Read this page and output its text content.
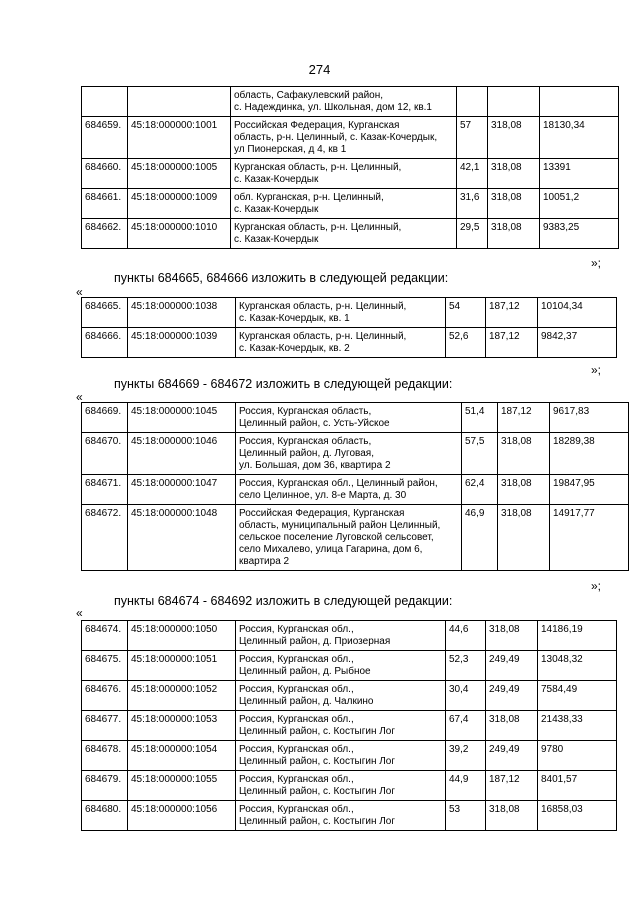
274

		область, Сафакулевский район,
с. Надеждинка, ул. Школьная, дом 12, кв.1			

684659.	45:18:000000:1001	Российская Федерация, Курганская
область, р-н. Целинный, с. Казак-Кочердык,
ул Пионерская, д 4, кв 1	57	318,08	18130,34
684660.	45:18:000000:1005	Курганская область, р-н. Целинный,
с. Казак-Кочердык	42,1	318,08	13391
684661.	45:18:000000:1009	обл. Курганская, р-н. Целинный,
с. Казак-Кочердык	31,6	318,08	10051,2
684662.	45:18:000000:1010	Курганская область, р-н. Целинный,
с. Казак-Кочердык	29,5	318,08	9383,25
»;
пункты 684665, 684666 изложить в следующей редакции:
«
684665.	45:18:000000:1038	Курганская область, р-н. Целинный,
с. Казак-Кочердык, кв. 1	54	187,12	10104,34
684666.	45:18:000000:1039	Курганская область, р-н. Целинный,
с. Казак-Кочердык, кв. 2	52,6	187,12	9842,37
»;
пункты 684669 - 684672 изложить в следующей редакции:
«
684669.	45:18:000000:1045	Россия, Курганская область,
Целинный район, с. Усть-Уйское	51,4	187,12	9617,83
684670.	45:18:000000:1046	Россия, Курганская область,
Целинный район, д. Луговая,
ул. Большая, дом 36, квартира 2	57,5	318,08	18289,38
684671.	45:18:000000:1047	Россия, Курганская обл., Целинный район,
село Целинное, ул. 8-е Марта, д. 30	62,4	318,08	19847,95
684672.	45:18:000000:1048	Российская Федерация, Курганская
область, муниципальный район Целинный,
сельское поселение Луговской сельсовет,
село Михалево, улица Гагарина, дом 6,
квартира 2	46,9	318,08	14917,77
»;
пункты 684674 - 684692 изложить в следующей редакции:
«
684674.	45:18:000000:1050	Россия, Курганская обл.,
Целинный район, д. Приозерная	44,6	318,08	14186,19
684675.	45:18:000000:1051	Россия, Курганская обл.,
Целинный район, д. Рыбное	52,3	249,49	13048,32
684676.	45:18:000000:1052	Россия, Курганская обл.,
Целинный район, д. Чалкино	30,4	249,49	7584,49
684677.	45:18:000000:1053	Россия, Курганская обл.,
Целинный район, с. Костыгин Лог	67,4	318,08	21438,33
684678.	45:18:000000:1054	Россия, Курганская обл.,
Целинный район, с. Костыгин Лог	39,2	249,49	9780
684679.	45:18:000000:1055	Россия, Курганская обл.,
Целинный район, с. Костыгин Лог	44,9	187,12	8401,57
684680.	45:18:000000:1056	Россия, Курганская обл.,
Целинный район, с. Костыгин Лог	53	318,08	16858,03
